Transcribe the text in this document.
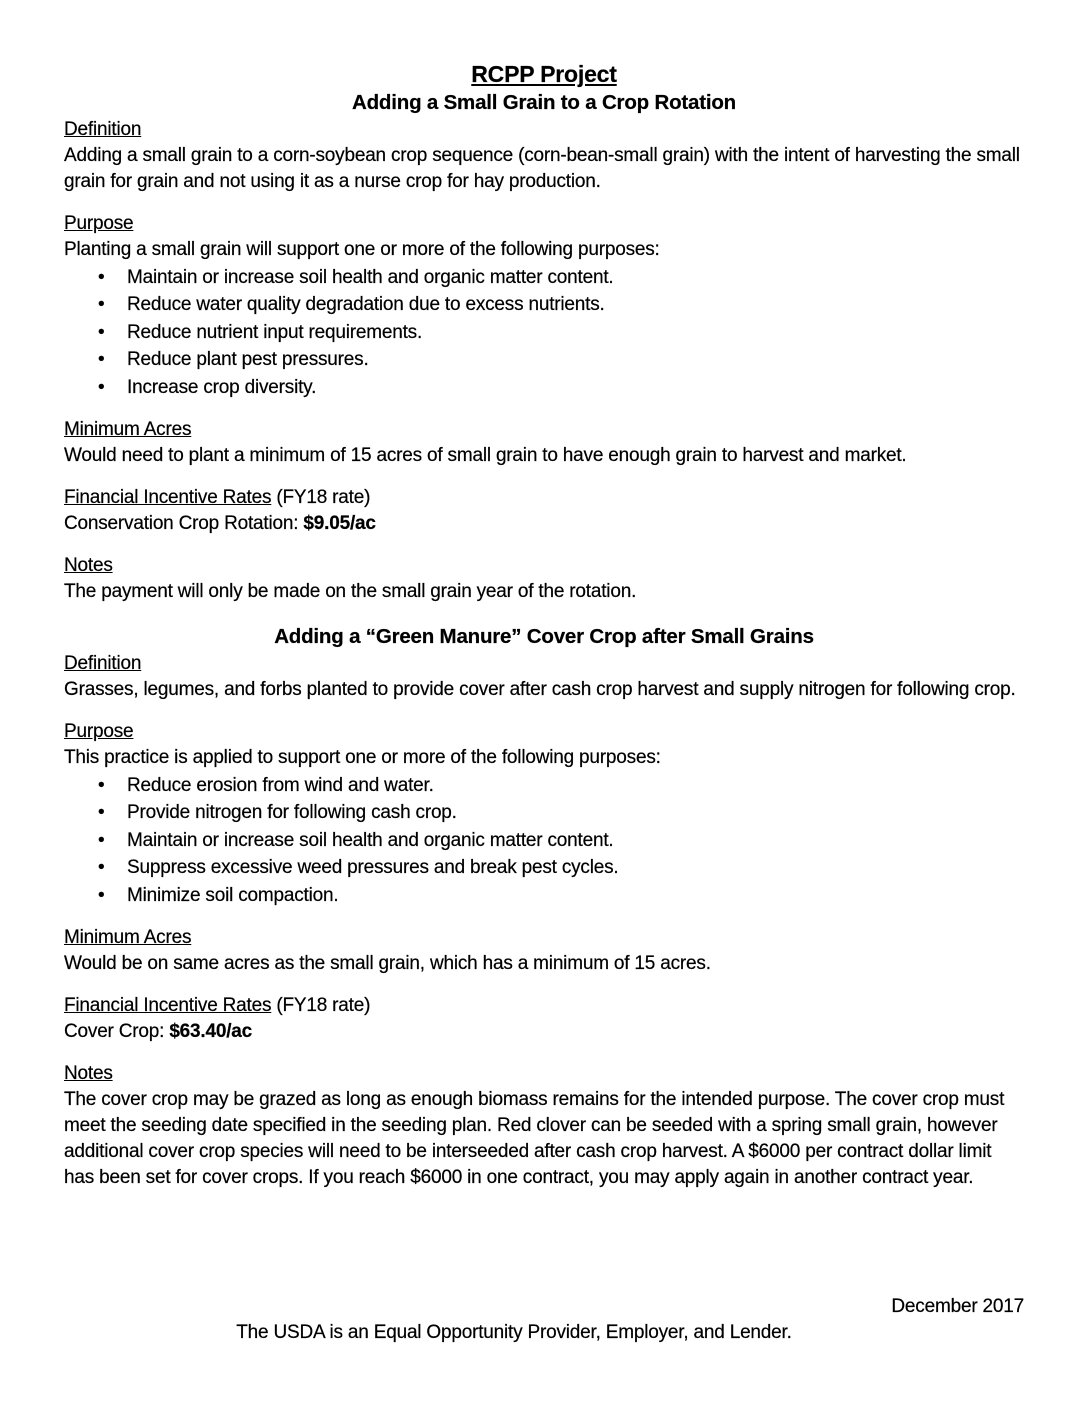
RCPP Project
Adding a Small Grain to a Crop Rotation

Definition

Adding a small grain to a corn-soybean crop sequence (corn-bean-small grain) with the intent of harvesting the small grain for grain and not using it as a nurse crop for hay production.

Purpose

Planting a small grain will support one or more of the following purposes:

• Maintain or increase soil health and organic matter content.
• Reduce water quality degradation due to excess nutrients.
• Reduce nutrient input requirements.
• Reduce plant pest pressures.
• Increase crop diversity.

Minimum Acres

Would need to plant a minimum of 15 acres of small grain to have enough grain to harvest and market.

Financial Incentive Rates (FY18 rate)

Conservation Crop Rotation: $9.05/ac

Notes

The payment will only be made on the small grain year of the rotation.

Adding a “Green Manure” Cover Crop after Small Grains

Definition

Grasses, legumes, and forbs planted to provide cover after cash crop harvest and supply nitrogen for following crop.

Purpose

This practice is applied to support one or more of the following purposes:

• Reduce erosion from wind and water.
• Provide nitrogen for following cash crop.
• Maintain or increase soil health and organic matter content.
• Suppress excessive weed pressures and break pest cycles.
• Minimize soil compaction.

Minimum Acres

Would be on same acres as the small grain, which has a minimum of 15 acres.

Financial Incentive Rates (FY18 rate)

Cover Crop: $63.40/ac

Notes

The cover crop may be grazed as long as enough biomass remains for the intended purpose. The cover crop must meet the seeding date specified in the seeding plan. Red clover can be seeded with a spring small grain, however additional cover crop species will need to be interseeded after cash crop harvest. A $6000 per contract dollar limit has been set for cover crops. If you reach $6000 in one contract, you may apply again in another contract year.

December 2017
The USDA is an Equal Opportunity Provider, Employer, and Lender.
